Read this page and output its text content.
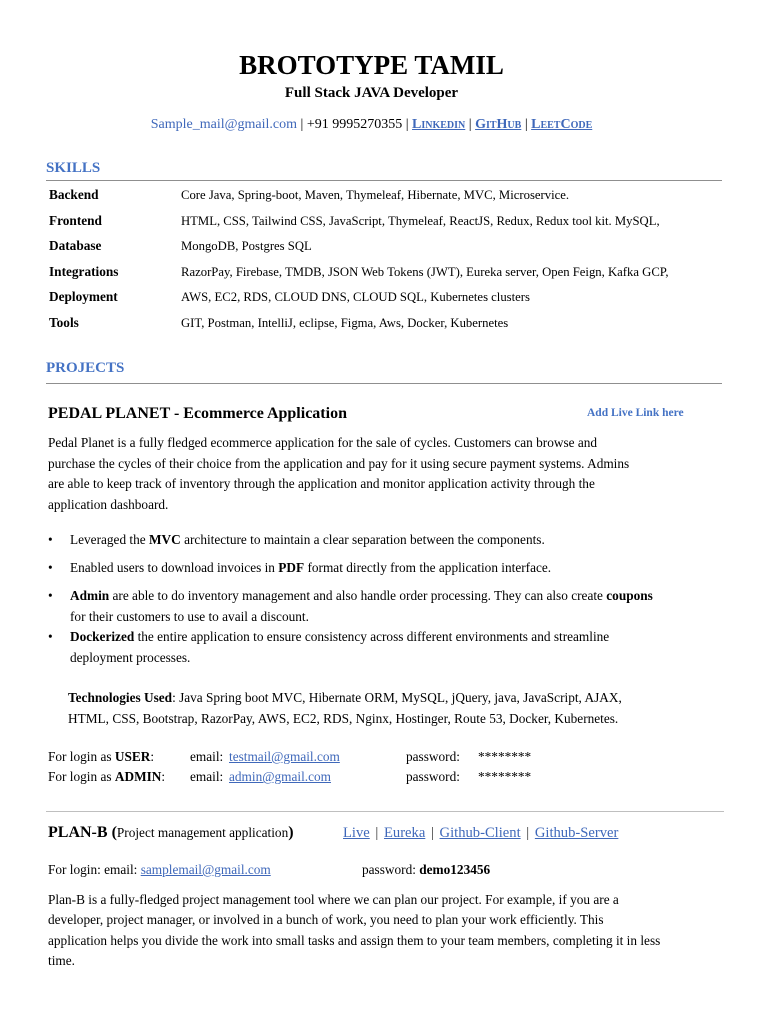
BROTOTYPE TAMIL
Full Stack JAVA Developer
Sample_mail@gmail.com | +91 9995270355 | Linkedin | GitHub | LeetCode
SKILLS
Backend	Core Java, Spring-boot, Maven, Thymeleaf, Hibernate, MVC, Microservice.
Frontend	HTML, CSS, Tailwind CSS, JavaScript, Thymeleaf, ReactJS, Redux, Redux tool kit. MySQL,
Database	MongoDB, Postgres SQL
Integrations	RazorPay, Firebase, TMDB, JSON Web Tokens (JWT), Eureka server, Open Feign, Kafka GCP,
Deployment	AWS, EC2, RDS, CLOUD DNS, CLOUD SQL, Kubernetes clusters
Tools	GIT, Postman, IntelliJ, eclipse, Figma, Aws, Docker, Kubernetes
PROJECTS
PEDAL PLANET - Ecommerce Application	Add Live Link here
Pedal Planet is a fully fledged ecommerce application for the sale of cycles. Customers can browse and
purchase the cycles of their choice from the application and pay for it using secure payment systems. Admins
are able to keep track of inventory through the application and monitor application activity through the
application dashboard.
• Leveraged the MVC architecture to maintain a clear separation between the components.
• Enabled users to download invoices in PDF format directly from the application interface.
• Admin are able to do inventory management and also handle order processing. They can also create coupons
for their customers to use to avail a discount.
• Dockerized the entire application to ensure consistency across different environments and streamline
deployment processes.
Technologies Used: Java Spring boot MVC, Hibernate ORM, MySQL, jQuery, java, JavaScript, AJAX,
HTML, CSS, Bootstrap, RazorPay, AWS, EC2, RDS, Nginx, Hostinger, Route 53, Docker, Kubernetes.
For login as USER:	email: testmail@gmail.com	password: ********
For login as ADMIN: email: admin@gmail.com	password: ********
PLAN-B (Project management application)	Live | Eureka | Github-Client | Github-Server
For login: email: samplemail@gmail.com	password: demo123456
Plan-B is a fully-fledged project management tool where we can plan our project. For example, if you are a
developer, project manager, or involved in a bunch of work, you need to plan your work efficiently. This
application helps you divide the work into small tasks and assign them to your team members, completing it in less
time.
